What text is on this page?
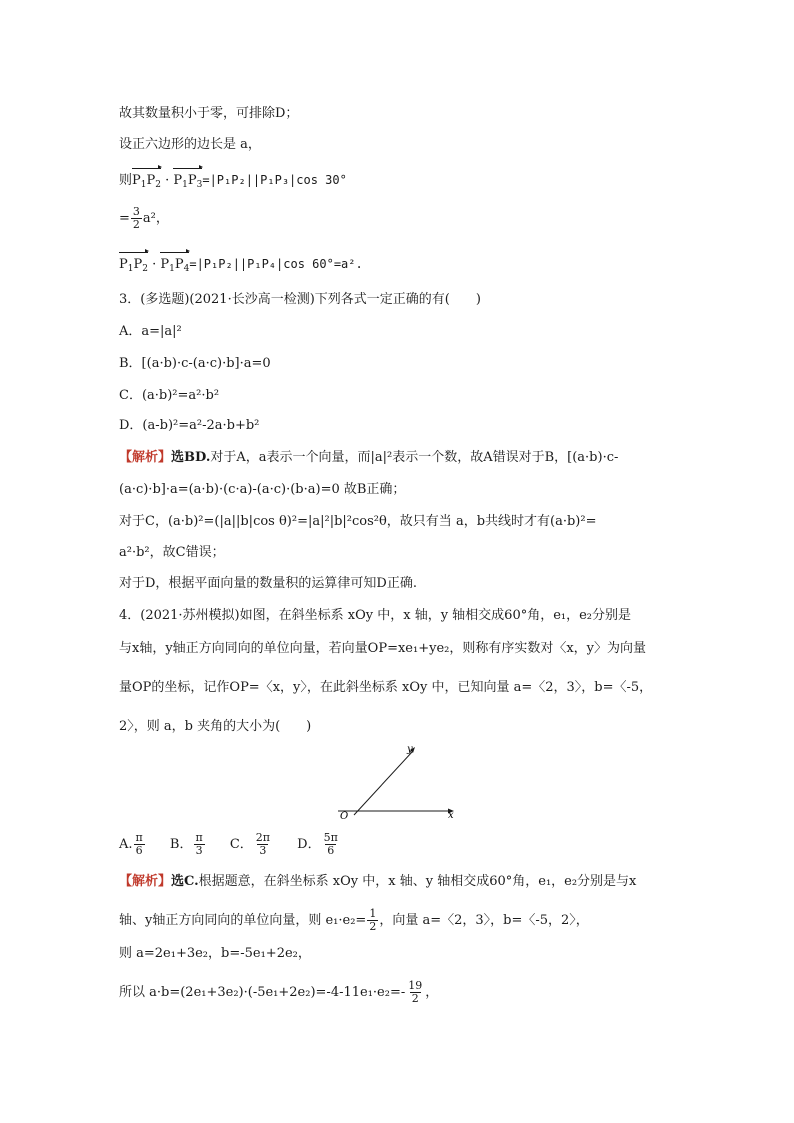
故其数量积小于零，可排除D；
设正六边形的边长是 a，
则$P_1P_2 \cdot P_1P_3=|P_1P_2||P_1P_3|\cos$ 30°
= $\frac{3}{2} a^2$，
$P_1P_2 \cdot P_1P_4=|P_1P_2||P_1P_4|\cos$ 60°=a².
3．(多选题)(2021·长沙高一检测)下列各式一定正确的有(　　)
A．a=|a|²
B．[(a·b)·c-(a·c)·b]·a=0
C．(a·b)²=a²·b²
D．(a-b)²=a²-2a·b+b²
【解析】选BD.对于A，a表示一个向量，而|a|²表示一个数，故A错误对于B，[(a·b)·c-
(a·c)·b]·a=(a·b)·(c·a)-(a·c)·(b·a)=0 故B正确；
对于C，(a·b)²=(|a||b|cos θ)²=|a|²|b|²cos²θ，故只有当 a，b共线时才有(a·b)²=
a²·b²，故C错误；
对于D，根据平面向量的数量积的运算律可知D正确.
4．(2021·苏州模拟)如图，在斜坐标系 xOy 中，x 轴，y 轴相交成60°角，e₁，e₂分别是
与x轴，y轴正方向同向的单位向量，若向量OP=xe₁+ye₂，则称有序实数对〈x，y〉为向量
量OP的坐标，记作OP=〈x，y〉，在此斜坐标系 xOy 中，已知向量 a=〈2，3〉，b=〈-5，
2〉，则 a，b 夹角的大小为(　　)
x
y
O
A. $\frac{\pi}{6}$ B． $\frac{\pi}{3}$ C． $\frac{2\pi}{3}$ D． $\frac{5\pi}{6}$
【解析】选C.根据题意，在斜坐标系 xOy 中，x 轴、y 轴相交成60°角，e₁，e₂分别是与x
轴、y轴正方向同向的单位向量，则 $e_1\cdot e_2= \frac{1}{2}$ ，向量 a=〈2，3〉，b=〈-5，2〉，
则 a=2e₁+3e₂，b=-5e₁+2e₂，
所以 $a\cdot b=(2e_1+3e_2)\cdot(-5e_1+2e_2)=-4-11e_1\cdot e_2=- \frac{19}{2}$ ，
